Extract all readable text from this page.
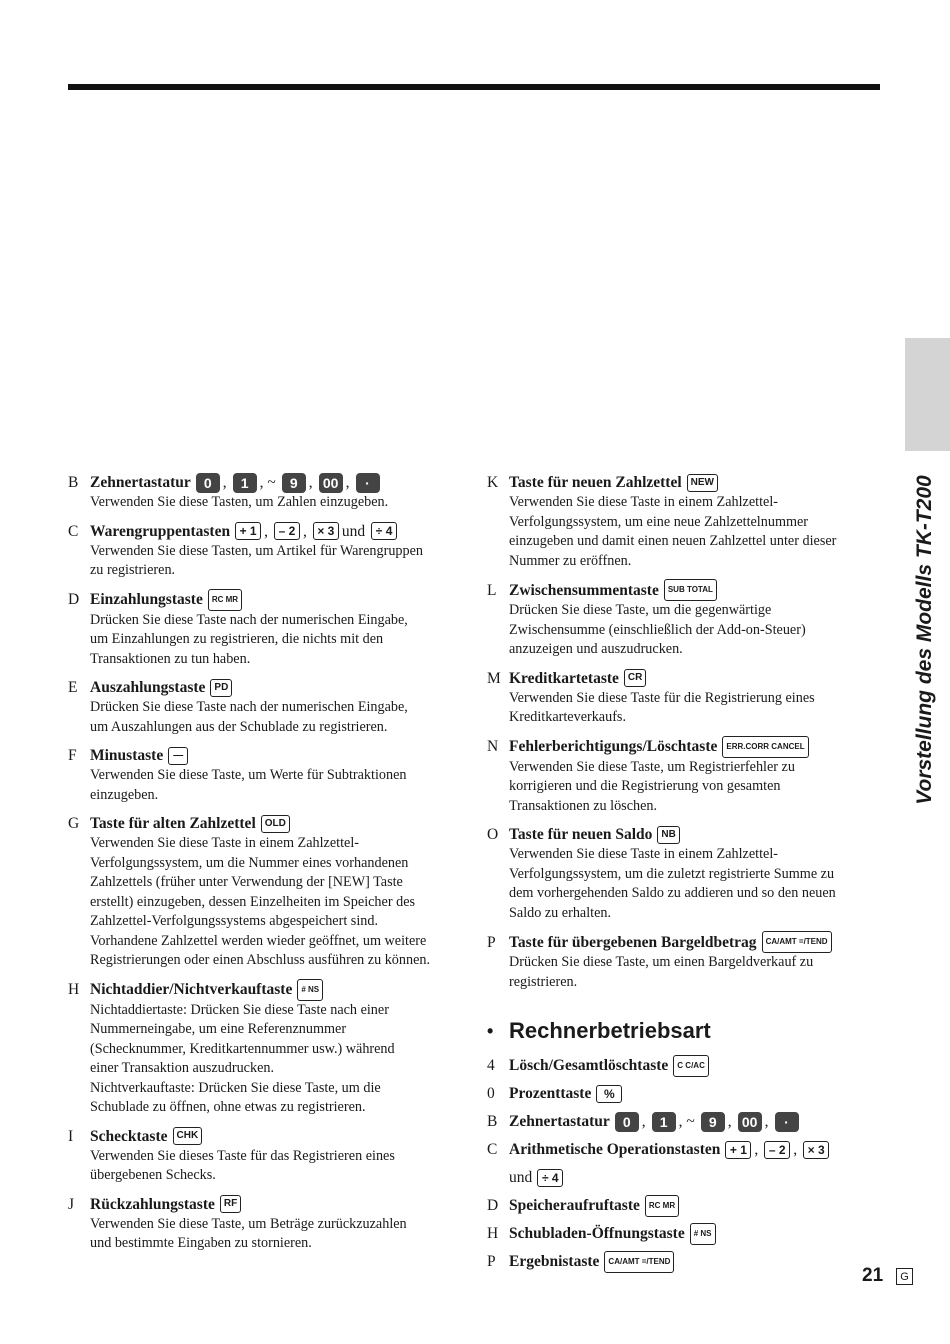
Vorstellung des Modells TK-T200
B Zehnertastatur 0 ,	1 , ~	9 , 00 ,	·
Verwenden Sie diese Tasten, um Zahlen einzugeben.
C Warengruppentasten + 1 , – 2 , × 3 und ÷ 4
Verwenden Sie diese Tasten, um Artikel für Warengruppen
zu registrieren.
D Einzahlungstaste	RC MR
Drücken Sie diese Taste nach der numerischen Eingabe,
um Einzahlungen zu registrieren, die nichts mit den
Transaktionen zu tun haben.
E Auszahlungstaste PD
Drücken Sie diese Taste nach der numerischen Eingabe,
um Auszahlungen aus der Schublade zu registrieren.
F Minustaste	—
Verwenden Sie diese Taste, um Werte für Subtraktionen
einzugeben.
G Taste für alten Zahlzettel OLD
Verwenden Sie diese Taste in einem Zahlzettel-
Verfolgungssystem, um die Nummer eines vorhandenen
Zahlzettels (früher unter Verwendung der [NEW] Taste
erstellt) einzugeben, dessen Einzelheiten im Speicher des
Zahlzettel-Verfolgungssystems abgespeichert sind.
Vorhandene Zahlzettel werden wieder geöffnet, um weitere
Registrierungen oder einen Abschluss ausführen zu können.
H Nichtaddier/Nichtverkauftaste	# NS
Nichtaddiertaste: Drücken Sie diese Taste nach einer
Nummerneingabe, um eine Referenznummer
(Schecknummer, Kreditkartennummer usw.) während
einer Transaktion auszudrucken.
Nichtverkauftaste: Drücken Sie diese Taste, um die
Schublade zu öffnen, ohne etwas zu registrieren.
I	Schecktaste CHK
Verwenden Sie dieses Taste für das Registrieren eines
übergebenen Schecks.
J	Rückzahlungstaste RF
Verwenden Sie diese Taste, um Beträge zurückzuzahlen
und bestimmte Eingaben zu stornieren.
K Taste für neuen Zahlzettel NEW
Verwenden Sie diese Taste in einem Zahlzettel-
Verfolgungssystem, um eine neue Zahlzettelnummer
einzugeben und damit einen neuen Zahlzettel unter dieser
Nummer zu eröffnen.
L Zwischensummentaste	SUB TOTAL
Drücken Sie diese Taste, um die gegenwärtige
Zwischensumme (einschließlich der Add-on-Steuer)
anzuzeigen und auszudrucken.
M Kreditkartetaste CR
Verwenden Sie diese Taste für die Registrierung eines
Kreditkarteverkaufs.
N Fehlerberichtigungs/Löschtaste	ERR.CORR CANCEL
Verwenden Sie diese Taste, um Registrierfehler zu
korrigieren und die Registrierung von gesamten
Transaktionen zu löschen.
O Taste für neuen Saldo NB
Verwenden Sie diese Taste in einem Zahlzettel-
Verfolgungssystem, um die zuletzt registrierte Summe zu
dem vorhergehenden Saldo zu addieren und so den neuen
Saldo zu erhalten.
P Taste für übergebenen Bargeldbetrag	CA/AMT =/TEND
Drücken Sie diese Taste, um einen Bargeldverkauf zu
registrieren.
• Rechnerbetriebsart
4 Lösch/Gesamtlöschtaste	C C/AC
0 Prozenttaste	%
B Zehnertastatur 0 ,	1 , ~	9 , 00 ,	·
C Arithmetische Operationstasten + 1 , – 2 , × 3
und ÷ 4
D Speicheraufruftaste	RC MR
H Schubladen-Öffnungstaste	# NS
P Ergebnistaste	CA/AMT =/TEND
21	G
